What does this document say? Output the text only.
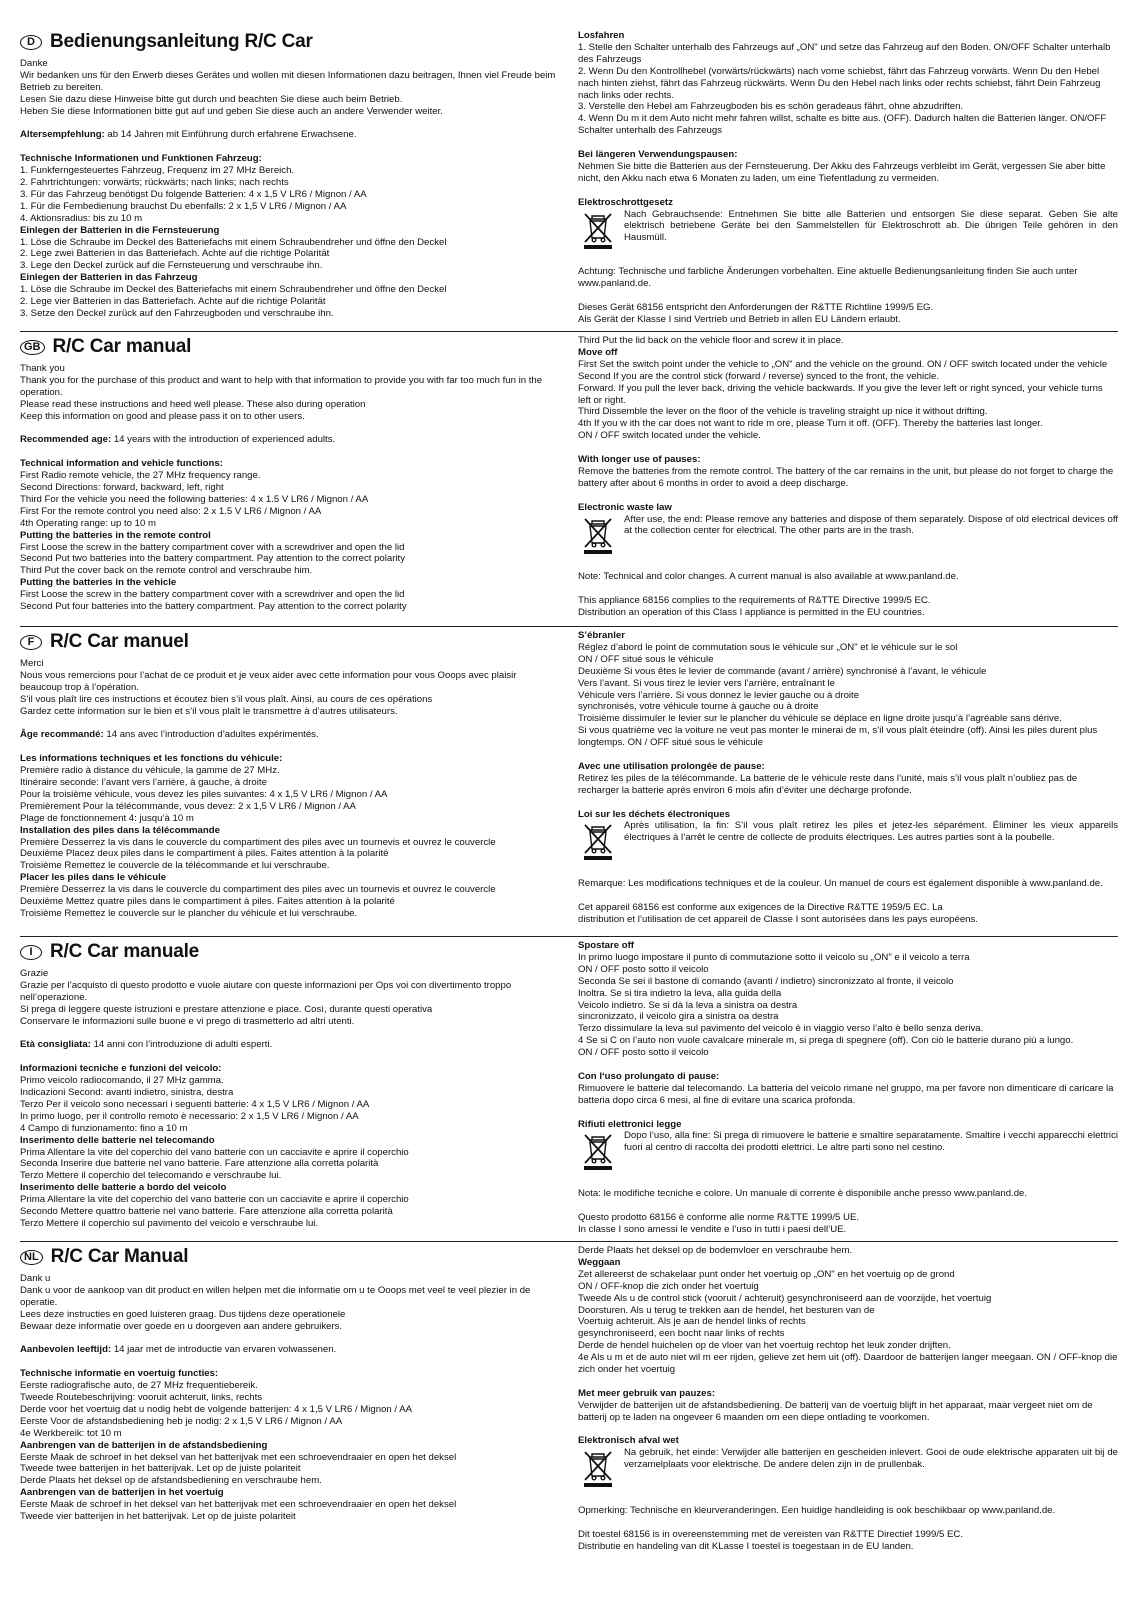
D Bedienungsanleitung R/C Car
Danke
Wir bedanken uns für den Erwerb dieses Gerätes und wollen mit diesen Informationen dazu beitragen, Ihnen viel Freude beim Betrieb zu bereiten.
Lesen Sie dazu diese Hinweise bitte gut durch und beachten Sie diese auch beim Betrieb.
Heben Sie diese Informationen bitte gut auf und geben Sie diese auch an andere Verwender weiter.
Altersempfehlung: ab 14 Jahren mit Einführung durch erfahrene Erwachsene.
Technische Informationen und Funktionen Fahrzeug:
1. Funkferngesteuertes Fahrzeug, Frequenz im 27 MHz Bereich.
2. Fahrtrichtungen: vorwärts; rückwärts; nach links; nach rechts
3. Für das Fahrzeug benötigst Du folgende Batterien: 4 x 1,5 V LR6 / Mignon / AA
1. Für die Fernbedienung brauchst Du ebenfalls: 2 x 1,5 V LR6 / Mignon / AA
4. Aktionsradius: bis zu 10 m
Einlegen der Batterien in die Fernsteuerung
1. Löse die Schraube im Deckel des Batteriefachs mit einem Schraubendreher und öffne den Deckel
2. Lege zwei Batterien in das Batteriefach. Achte auf die richtige Polarität
3. Lege den Deckel zurück auf die Fernsteuerung und verschraube ihn.
Einlegen der Batterien in das Fahrzeug
1. Löse die Schraube im Deckel des Batteriefachs mit einem Schraubendreher und öffne den Deckel
2. Lege vier Batterien in das Batteriefach. Achte auf die richtige Polarität
3. Setze den Deckel zurück auf den Fahrzeugboden und verschraube ihn.
Losfahren
1. Stelle den Schalter unterhalb des Fahrzeugs auf „ON" und setze das Fahrzeug auf den Boden. ON/OFF Schalter unterhalb des Fahrzeugs
2. Wenn Du den Kontrollhebel (vorwärts/rückwärts) nach vorne schiebst, fährt das Fahrzeug vorwärts. Wenn Du den Hebel nach hinten ziehst, fährt das Fahrzeug rückwärts. Wenn Du den Hebel nach links oder rechts schiebst, fährt Dein Fahrzeug nach links oder rechts.
3. Verstelle den Hebel am Fahrzeugboden bis es schön geradeaus fährt, ohne abzudriften.
4. Wenn Du m it dem Auto nicht mehr fahren willst, schalte es bitte aus. (OFF). Dadurch halten die Batterien länger. ON/OFF Schalter unterhalb des Fahrzeugs
Bei längeren Verwendungspausen:
Nehmen Sie bitte die Batterien aus der Fernsteuerung. Der Akku des Fahrzeugs verbleibt im Gerät, vergessen Sie aber bitte nicht, den Akku nach etwa 6 Monaten zu laden, um eine Tiefentladung zu vermeiden.
Elektroschrottgesetz
Nach Gebrauchsende: Entnehmen Sie bitte alle Batterien und entsorgen Sie diese separat. Geben Sie alte elektrisch betriebene Geräte bei den Sammelstellen für Elektroschrott ab. Die übrigen Teile gehören in den Hausmüll.
Achtung: Technische und farbliche Änderungen vorbehalten. Eine aktuelle Bedienungsanleitung finden Sie auch unter www.panland.de.
Dieses Gerät 68156 entspricht den Anforderungen der R&TTE Richtline 1999/5 EG.
Als Gerät der Klasse I sind Vertrieb und Betrieb in allen EU Ländern erlaubt.
GB R/C Car manual
Thank you
Thank you for the purchase of this product and want to help with that information to provide you with far too much fun in the operation.
Please read these instructions and heed well please. These also during operation
Keep this information on good and please pass it on to other users.
Recommended age: 14 years with the introduction of experienced adults.
Technical information and vehicle functions:
First Radio remote vehicle, the 27 MHz frequency range.
Second Directions: forward, backward, left, right
Third For the vehicle you need the following batteries: 4 x 1.5 V LR6 / Mignon / AA
First For the remote control you need also: 2 x 1.5 V LR6 / Mignon / AA
4th Operating range: up to 10 m
Putting the batteries in the remote control
First Loose the screw in the battery compartment cover with a screwdriver and open the lid
Second Put two batteries into the battery compartment. Pay attention to the correct polarity
Third Put the cover back on the remote control and verschraube him.
Putting the batteries in the vehicle
First Loose the screw in the battery compartment cover with a screwdriver and open the lid
Second Put four batteries into the battery compartment. Pay attention to the correct polarity
Third Put the lid back on the vehicle floor and screw it in place.
Move off
First Set the switch point under the vehicle to „ON" and the vehicle on the ground. ON / OFF switch located under the vehicle
Second If you are the control stick (forward / reverse) synced to the front, the vehicle.
Forward. If you pull the lever back, driving the vehicle backwards. If you give the lever left or right synced, your vehicle turns left or right.
Third Dissemble the lever on the floor of the vehicle is traveling straight up nice it without drifting.
4th If you w ith the car does not want to ride m ore, please Turn it off. (OFF). Thereby the batteries last longer.
ON / OFF switch located under the vehicle.
With longer use of pauses:
Remove the batteries from the remote control. The battery of the car remains in the unit, but please do not forget to charge the battery after about 6 months in order to avoid a deep discharge.
Electronic waste law
After use, the end: Please remove any batteries and dispose of them separately. Dispose of old electrical devices off at the collection center for electrical. The other parts are in the trash.
Note: Technical and color changes. A current manual is also available at www.panland.de.
This appliance 68156 complies to the requirements of R&TTE Directive 1999/5 EC.
Distribution an operation of this Class I appliance is permitted in the EU countries.
F R/C Car manuel
Merci
Nous vous remercions pour l’achat de ce produit et je veux aider avec cette information pour vous Ooops avec plaisir beaucoup trop à l’opération.
S’il vous plaît lire ces instructions et écoutez bien s’il vous plaît. Ainsi, au cours de ces opérations
Gardez cette information sur le bien et s’il vous plaît le transmettre à d’autres utilisateurs.
Âge recommandé: 14 ans avec l’introduction d’adultes expérimentés.
Les informations techniques et les fonctions du véhicule:
Première radio à distance du véhicule, la gamme de 27 MHz.
Itinéraire seconde: l’avant vers l’arrière, à gauche, à droite
Pour la troisième véhicule, vous devez les piles suivantes: 4 x 1,5 V LR6 / Mignon / AA
Premièrement Pour la télécommande, vous devez: 2 x 1,5 V LR6 / Mignon / AA
Plage de fonctionnement 4: jusqu’à 10 m
Installation des piles dans la télécommande
Première Desserrez la vis dans le couvercle du compartiment des piles avec un tournevis et ouvrez le couvercle
Deuxième Placez deux piles dans le compartiment à piles. Faites attention à la polarité
Troisième Remettez le couvercle de la télécommande et lui verschraube.
Placer les piles dans le véhicule
Première Desserrez la vis dans le couvercle du compartiment des piles avec un tournevis et ouvrez le couvercle
Deuxième Mettez quatre piles dans le compartiment à piles. Faites attention à la polarité
Troisième Remettez le couvercle sur le plancher du véhicule et lui verschraube.
S’ébranler
Réglez d’abord le point de commutation sous le véhicule sur „ON" et le véhicule sur le sol
ON / OFF situé sous le véhicule
Deuxième Si vous êtes le levier de commande (avant / arrière) synchronisé à l’avant, le véhicule
Vers l’avant. Si vous tirez le levier vers l’arrière, entraînant le
Véhicule vers l’arrière. Si vous donnez le levier gauche ou à droite
synchronisés, votre véhicule tourne à gauche ou à droite
Troisième dissimuler le levier sur le plancher du véhicule se déplace en ligne droite jusqu’à l’agréable sans dérive.
Si vous quatrième vec la voiture ne veut pas monter le minerai de m, s’il vous plaît éteindre (off). Ainsi les piles durent plus longtemps. ON / OFF situé sous le véhicule
Avec une utilisation prolongée de pause:
Retirez les piles de la télécommande. La batterie de le véhicule reste dans l’unité, mais s’il vous plaît n’oubliez pas de recharger la batterie après environ 6 mois afin d’éviter une décharge profonde.
Loi sur les déchets électroniques
Après utilisation, la fin: S’il vous plaît retirez les piles et jetez-les séparément. Éliminer les vieux appareils électriques à l’arrêt le centre de collecte de produits électriques. Les autres parties sont à la poubelle.
Remarque: Les modifications techniques et de la couleur. Un manuel de cours est également disponible à www.panland.de.
Cet appareil 68156 est conforme aux exigences de la Directive R&TTE 1959/5 EC. La
distribution et l’utilisation de cet appareil de Classe I sont autorisées dans les pays européens.
I R/C Car manuale
Grazie
Grazie per l’acquisto di questo prodotto e vuole aiutare con queste informazioni per Ops voi con divertimento troppo nell’operazione.
Si prega di leggere queste istruzioni e prestare attenzione e piace. Così, durante questi operativa
Conservare le informazioni sulle buone e vi prego di trasmetterlo ad altri utenti.
Età consigliata: 14 anni con l’introduzione di adulti esperti.
Informazioni tecniche e funzioni del veicolo:
Primo veicolo radiocomando, il 27 MHz gamma.
Indicazioni Second: avanti indietro, sinistra, destra
Terzo Per il veicolo sono necessari i seguenti batterie: 4 x 1,5 V LR6 / Mignon / AA
In primo luogo, per il controllo remoto è necessario: 2 x 1,5 V LR6 / Mignon / AA
4 Campo di funzionamento: fino a 10 m
Inserimento delle batterie nel telecomando
Prima Allentare la vite del coperchio del vano batterie con un cacciavite e aprire il coperchio
Seconda Inserire due batterie nel vano batterie. Fare attenzione alla corretta polarità
Terzo Mettere il coperchio del telecomando e verschraube lui.
Inserimento delle batterie a bordo del veicolo
Prima Allentare la vite del coperchio del vano batterie con un cacciavite e aprire il coperchio
Secondo Mettere quattro batterie nel vano batterie. Fare attenzione alla corretta polarità
Terzo Mettere il coperchio sul pavimento del veicolo e verschraube lui.
Spostare off
In primo luogo impostare il punto di commutazione sotto il veicolo su „ON" e il veicolo a terra
ON / OFF posto sotto il veicolo
Seconda Se sei il bastone di comando (avanti / indietro) sincronizzato al fronte, il veicolo
Inoltra. Se si tira indietro la leva, alla guida della
Veicolo indietro. Se si dà la leva a sinistra oa destra
sincronizzato, il veicolo gira a sinistra oa destra
Terzo dissimulare la leva sul pavimento del veicolo è in viaggio verso l’alto è bello senza deriva.
4 Se si C on l’auto non vuole cavalcare minerale m, si prega di spegnere (off). Con ciò le batterie durano più a lungo.
ON / OFF posto sotto il veicolo
Con l‘uso prolungato di pause:
Rimuovere le batterie dal telecomando. La batteria del veicolo rimane nel gruppo, ma per favore non dimenticare di caricare la batteria dopo circa 6 mesi, al fine di evitare una scarica profonda.
Rifiuti elettronici legge
Dopo l’uso, alla fine: Si prega di rimuovere le batterie e smaltire separatamente. Smaltire i vecchi apparecchi elettrici fuori al centro di raccolta dei prodotti elettrici. Le altre parti sono nel cestino.
Nota: le modifiche tecniche e colore. Un manuale di corrente è disponibile anche presso www.panland.de.
Questo prodotto 68156 è conforme alle norme R&TTE 1999/5 UE.
In classe I sono amessi le vendite e l’uso in tutti i paesi dell’UE.
NL R/C Car Manual
Dank u
Dank u voor de aankoop van dit product en willen helpen met die informatie om u te Ooops met veel te veel plezier in de operatie.
Lees deze instructies en goed luisteren graag. Dus tijdens deze operationele
Bewaar deze informatie over goede en u doorgeven aan andere gebruikers.
Aanbevolen leeftijd: 14 jaar met de introductie van ervaren volwassenen.
Technische informatie en voertuig functies:
Eerste radiografische auto, de 27 MHz frequentiebereik.
Tweede Routebeschrijving: vooruit achteruit, links, rechts
Derde voor het voertuig dat u nodig hebt de volgende batterijen: 4 x 1,5 V LR6 / Mignon / AA
Eerste Voor de afstandsbediening heb je nodig: 2 x 1,5 V LR6 / Mignon / AA
4e Werkbereik: tot 10 m
Aanbrengen van de batterijen in de afstandsbediening
Eerste Maak de schroef in het deksel van het batterijvak met een schroevendraaier en open het deksel
Tweede twee batterijen in het batterijvak. Let op de juiste polariteit
Derde Plaats het deksel op de afstandsbediening en verschraube hem.
Aanbrengen van de batterijen in het voertuig
Eerste Maak de schroef in het deksel van het batterijvak met een schroevendraaier en open het deksel
Tweede vier batterijen in het batterijvak. Let op de juiste polariteit
Derde Plaats het deksel op de bodemvloer en verschraube hem.
Weggaan
Zet allereerst de schakelaar punt onder het voertuig op „ON" en het voertuig op de grond
ON / OFF-knop die zich onder het voertuig
Tweede Als u de control stick (vooruit / achteruit) gesynchroniseerd aan de voorzijde, het voertuig
Doorsturen. Als u terug te trekken aan de hendel, het besturen van de
Voertuig achteruit. Als je aan de hendel links of rechts
gesynchroniseerd, een bocht naar links of rechts
Derde de hendel huichelen op de vloer van het voertuig rechtop het leuk zonder drijften.
4e Als u m et de auto niet wil m eer rijden, gelieve zet hem uit (off). Daardoor de batterijen langer meegaan. ON / OFF-knop die zich onder het voertuig
Met meer gebruik van pauzes:
Verwijder de batterijen uit de afstandsbediening. De batterij van de voertuig blijft in het apparaat, maar vergeet niet om de batterij op te laden na ongeveer 6 maanden om een diepe ontlading te voorkomen.
Elektronisch afval wet
Na gebruik, het einde: Verwijder alle batterijen en gescheiden inlevert. Gooi de oude elektrische apparaten uit bij de verzamelplaats voor elektrische. De andere delen zijn in de prullenbak.
Opmerking: Technische en kleurveranderingen. Een huidige handleiding is ook beschikbaar op www.panland.de.
Dit toestel 68156 is in overeenstemming met de vereisten van R&TTE Directief 1999/5 EC.
Distributie en handeling van dit KLasse I toestel is toegestaan in de EU landen.
